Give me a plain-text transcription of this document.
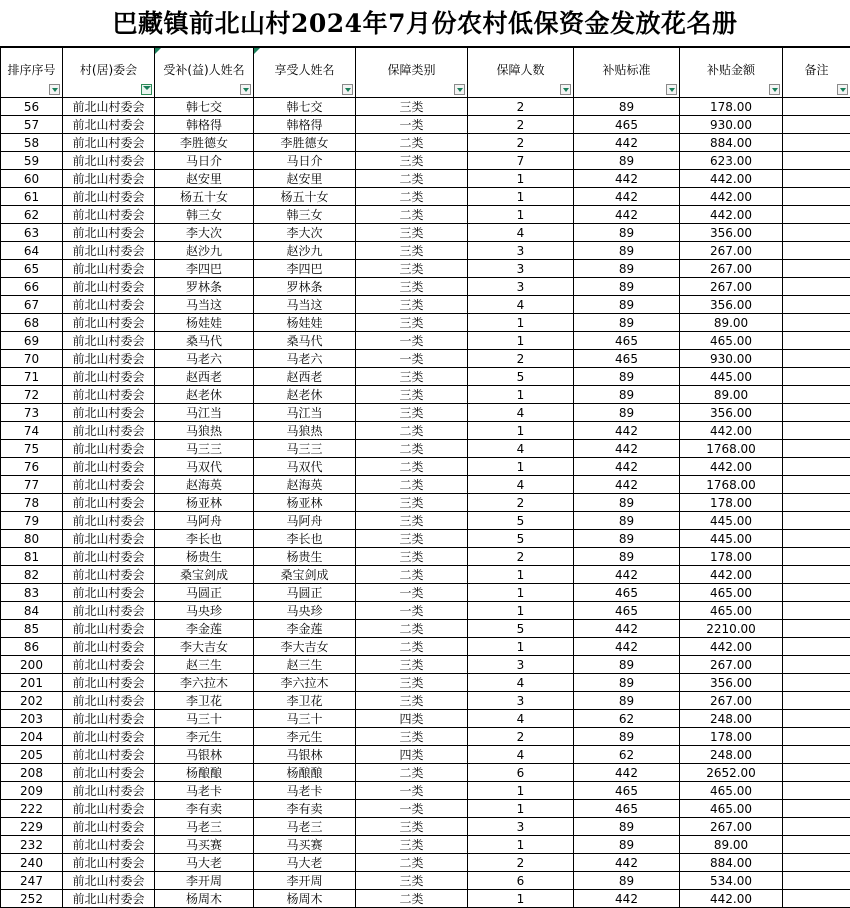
巴藏镇前北山村2024年7月份农村低保资金发放花名册
排序序号	村(居)委会	受补(益)人姓名	享受人姓名	保障类别	保障人数	补贴标准	补贴金额	备注

56	前北山村委会	韩七交	韩七交	三类	2	89	178.00	
57	前北山村委会	韩格得	韩格得	一类	2	465	930.00	
58	前北山村委会	李胜德女	李胜德女	二类	2	442	884.00	
59	前北山村委会	马日介	马日介	三类	7	89	623.00	
60	前北山村委会	赵安里	赵安里	二类	1	442	442.00	
61	前北山村委会	杨五十女	杨五十女	二类	1	442	442.00	
62	前北山村委会	韩三女	韩三女	二类	1	442	442.00	
63	前北山村委会	李大次	李大次	三类	4	89	356.00	
64	前北山村委会	赵沙九	赵沙九	三类	3	89	267.00	
65	前北山村委会	李四巴	李四巴	三类	3	89	267.00	
66	前北山村委会	罗林条	罗林条	三类	3	89	267.00	
67	前北山村委会	马当这	马当这	三类	4	89	356.00	
68	前北山村委会	杨娃娃	杨娃娃	三类	1	89	89.00	
69	前北山村委会	桑马代	桑马代	一类	1	465	465.00	
70	前北山村委会	马老六	马老六	一类	2	465	930.00	
71	前北山村委会	赵西老	赵西老	三类	5	89	445.00	
72	前北山村委会	赵老休	赵老休	三类	1	89	89.00	
73	前北山村委会	马江当	马江当	三类	4	89	356.00	
74	前北山村委会	马狼热	马狼热	二类	1	442	442.00	
75	前北山村委会	马三三	马三三	二类	4	442	1768.00	
76	前北山村委会	马双代	马双代	二类	1	442	442.00	
77	前北山村委会	赵海英	赵海英	二类	4	442	1768.00	
78	前北山村委会	杨亚林	杨亚林	三类	2	89	178.00	
79	前北山村委会	马阿舟	马阿舟	三类	5	89	445.00	
80	前北山村委会	李长也	李长也	三类	5	89	445.00	
81	前北山村委会	杨贵生	杨贵生	三类	2	89	178.00	
82	前北山村委会	桑宝剑成	桑宝剑成	二类	1	442	442.00	
83	前北山村委会	马圆正	马圆正	一类	1	465	465.00	
84	前北山村委会	马央珍	马央珍	一类	1	465	465.00	
85	前北山村委会	李金莲	李金莲	二类	5	442	2210.00	
86	前北山村委会	李大吉女	李大吉女	二类	1	442	442.00	
200	前北山村委会	赵三生	赵三生	三类	3	89	267.00	
201	前北山村委会	李六拉木	李六拉木	三类	4	89	356.00	
202	前北山村委会	李卫花	李卫花	三类	3	89	267.00	
203	前北山村委会	马三十	马三十	四类	4	62	248.00	
204	前北山村委会	李元生	李元生	三类	2	89	178.00	
205	前北山村委会	马银林	马银林	四类	4	62	248.00	
208	前北山村委会	杨酿酿	杨酿酿	二类	6	442	2652.00	
209	前北山村委会	马老卡	马老卡	一类	1	465	465.00	
222	前北山村委会	李有卖	李有卖	一类	1	465	465.00	
229	前北山村委会	马老三	马老三	三类	3	89	267.00	
232	前北山村委会	马买赛	马买赛	三类	1	89	89.00	
240	前北山村委会	马大老	马大老	二类	2	442	884.00	
247	前北山村委会	李开周	李开周	三类	6	89	534.00	
252	前北山村委会	杨周木	杨周木	二类	1	442	442.00	
